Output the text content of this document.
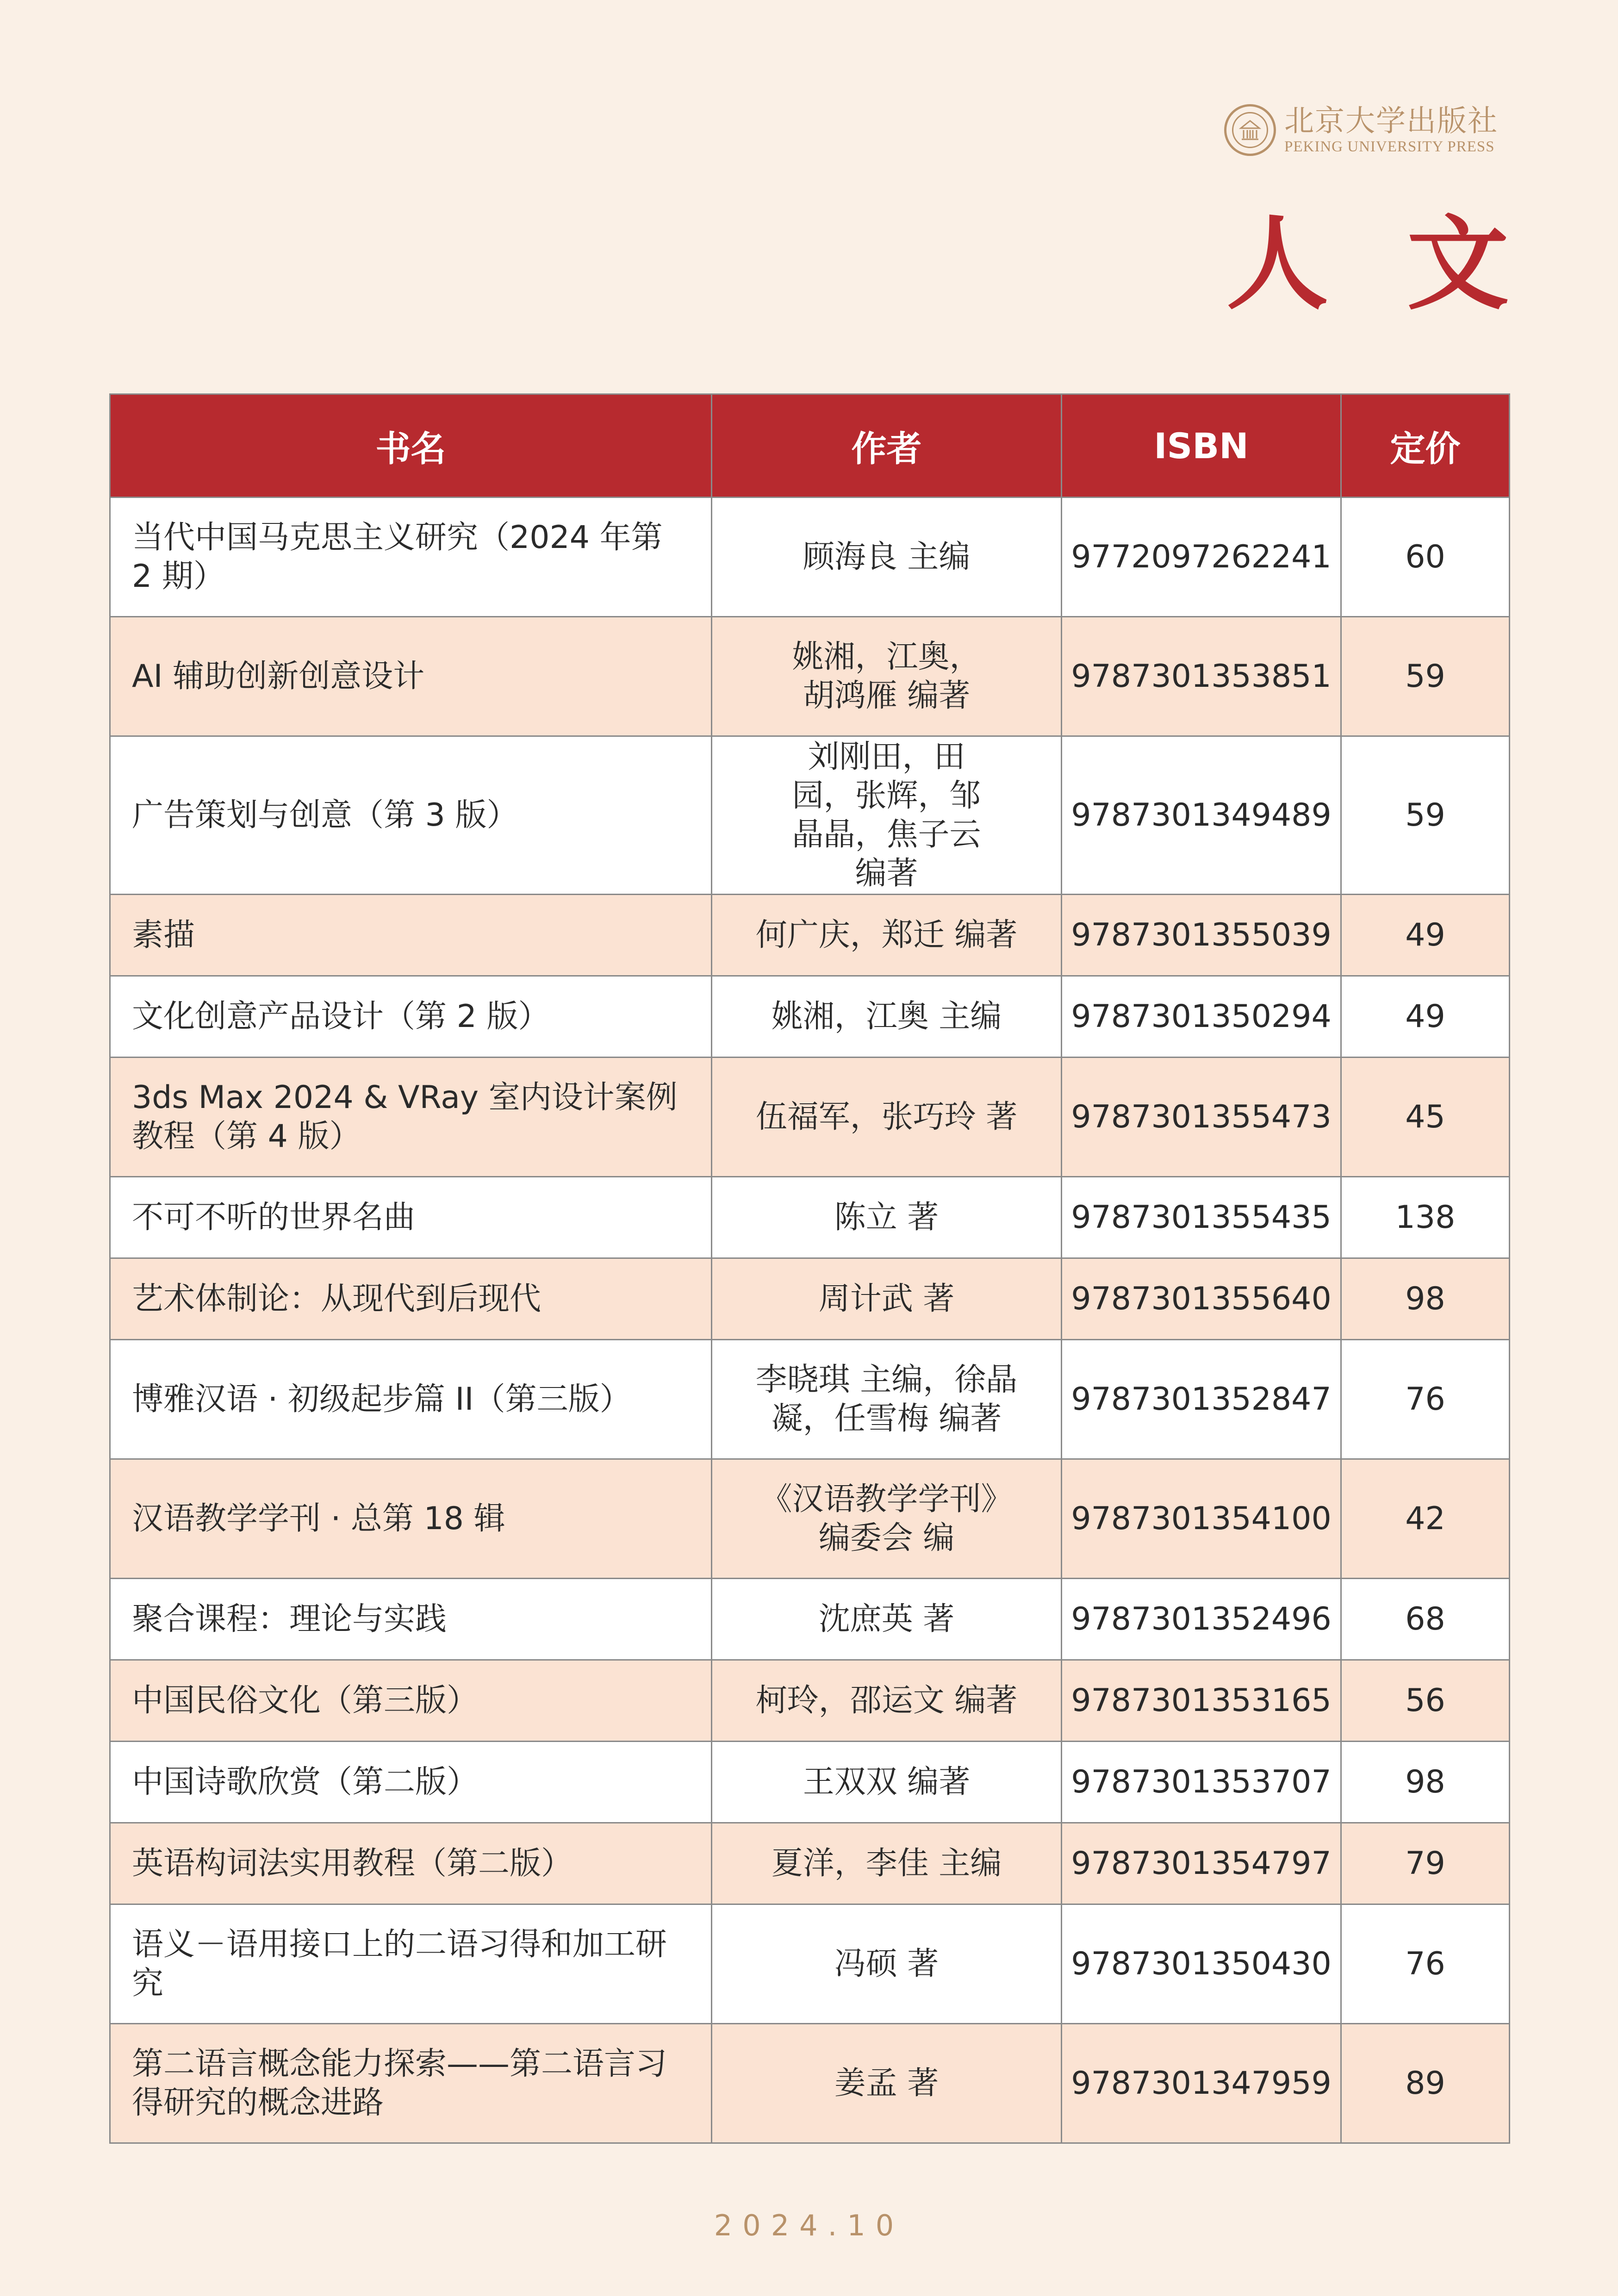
北京大学出版社
PEKING UNIVERSITY PRESS
人文
书名	作者	ISBN	定价
当代中国马克思主义研究（2024 年第 2 期）	顾海良 主编	9772097262241	60
AI 辅助创新创意设计	姚湘，江奥，胡鸿雁 编著	9787301353851	59
广告策划与创意（第 3 版）	刘刚田，田园，张辉，邹晶晶，焦子云 编著	9787301349489	59
素描	何广庆，郑迁 编著	9787301355039	49
文化创意产品设计（第 2 版）	姚湘，江奥 主编	9787301350294	49
3ds Max 2024 & VRay 室内设计案例教程（第 4 版）	伍福军，张巧玲 著	9787301355473	45
不可不听的世界名曲	陈立 著	9787301355435	138
艺术体制论：从现代到后现代	周计武 著	9787301355640	98
博雅汉语 · 初级起步篇 II（第三版）	李晓琪 主编，徐晶凝，任雪梅 编著	9787301352847	76
汉语教学学刊 · 总第 18 辑	《汉语教学学刊》编委会 编	9787301354100	42
聚合课程：理论与实践	沈庶英 著	9787301352496	68
中国民俗文化（第三版）	柯玲，邵运文 编著	9787301353165	56
中国诗歌欣赏（第二版）	王双双 编著	9787301353707	98
英语构词法实用教程（第二版）	夏洋，李佳 主编	9787301354797	79
语义－语用接口上的二语习得和加工研究	冯硕 著	9787301350430	76
第二语言概念能力探索——第二语言习得研究的概念进路	姜孟 著	9787301347959	89
2024.10
